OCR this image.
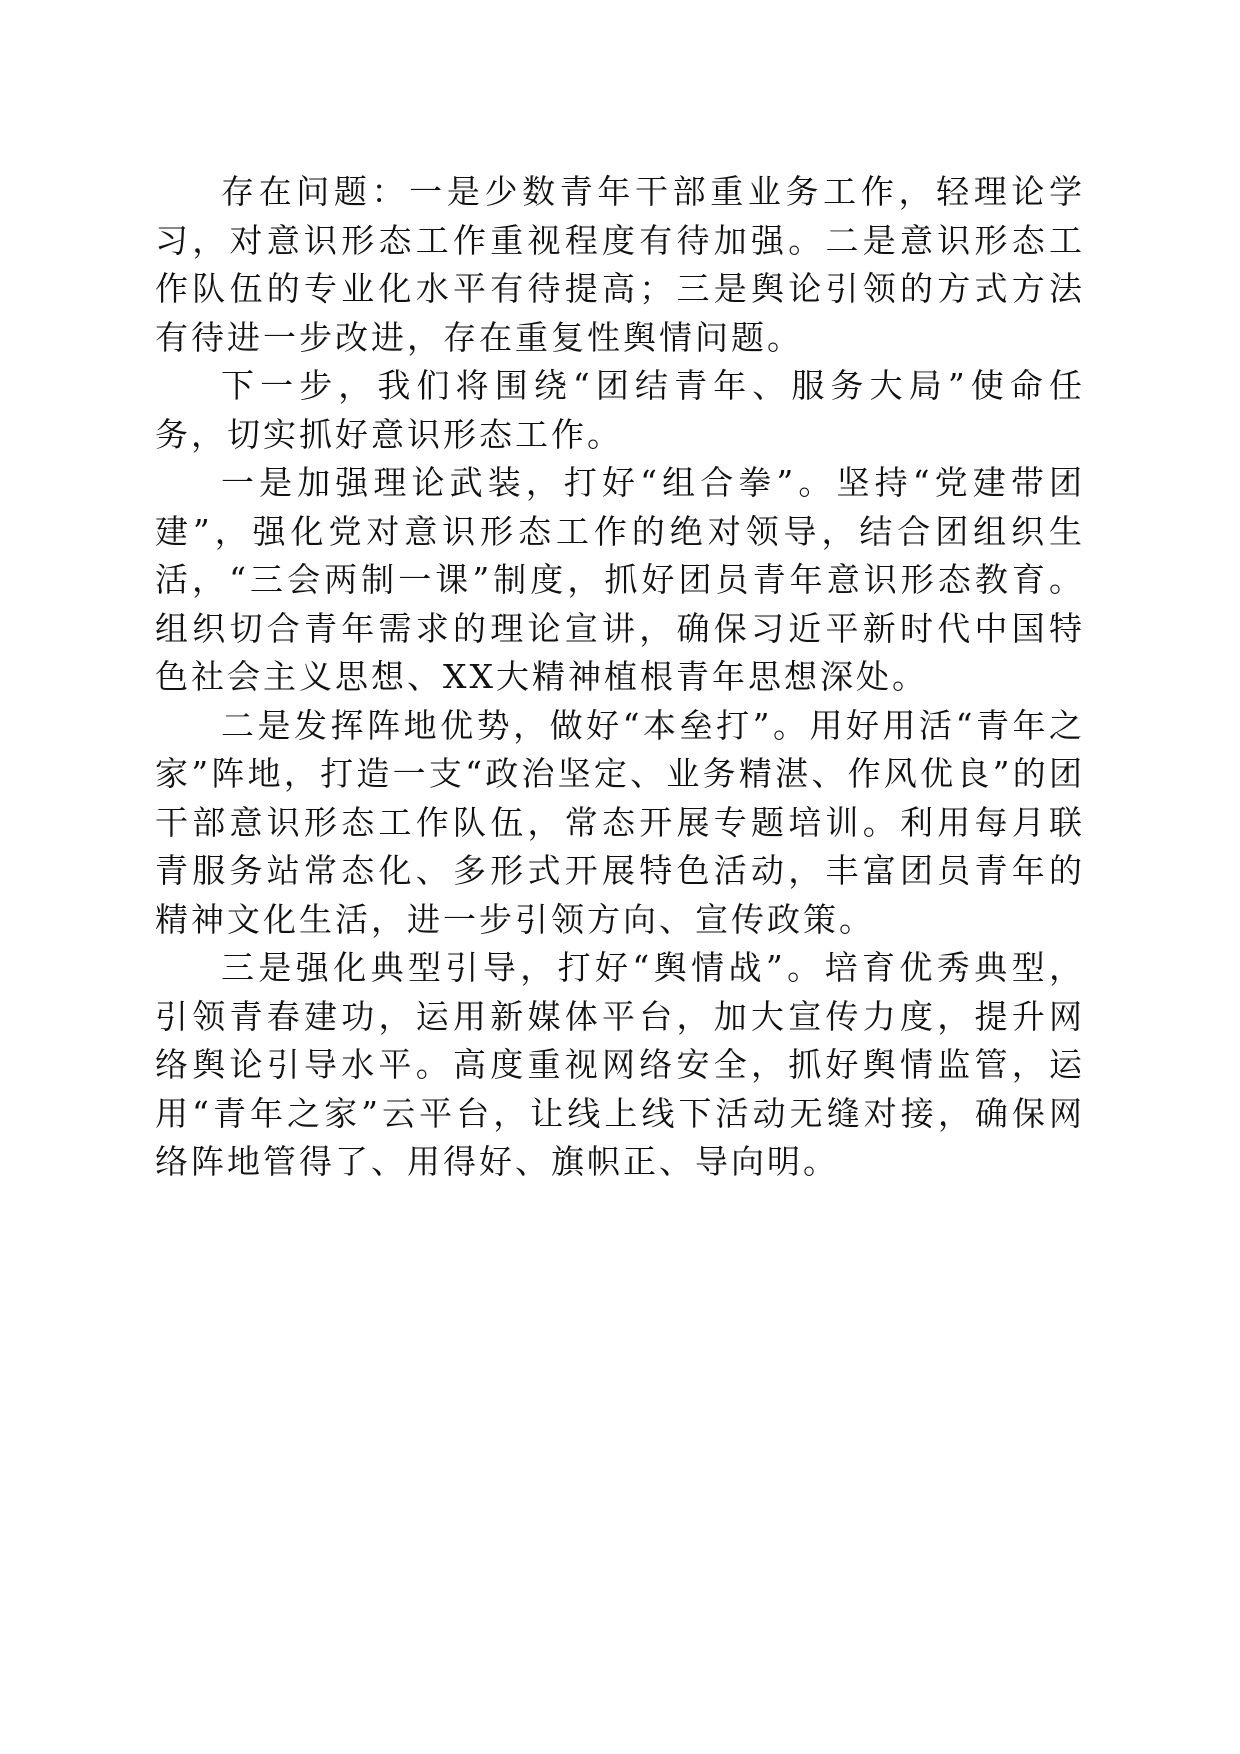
存在问题：一是少数青年干部重业务工作，轻理论学习，对意识形态工作重视程度有待加强。二是意识形态工作队伍的专业化水平有待提高；三是舆论引领的方式方法有待进一步改进，存在重复性舆情问题。

下一步，我们将围绕“团结青年、服务大局”使命任务，切实抓好意识形态工作。

一是加强理论武装，打好“组合拳”。坚持“党建带团建”，强化党对意识形态工作的绝对领导，结合团组织生活，“三会两制一课”制度，抓好团员青年意识形态教育。组织切合青年需求的理论宣讲，确保习近平新时代中国特色社会主义思想、XX大精神植根青年思想深处。

二是发挥阵地优势，做好“本垒打”。用好用活“青年之家”阵地，打造一支“政治坚定、业务精湛、作风优良”的团干部意识形态工作队伍，常态开展专题培训。利用每月联青服务站常态化、多形式开展特色活动，丰富团员青年的精神文化生活，进一步引领方向、宣传政策。

三是强化典型引导，打好“舆情战”。培育优秀典型，引领青春建功，运用新媒体平台，加大宣传力度，提升网络舆论引导水平。高度重视网络安全，抓好舆情监管，运用“青年之家”云平台，让线上线下活动无缝对接，确保网络阵地管得了、用得好、旗帜正、导向明。
